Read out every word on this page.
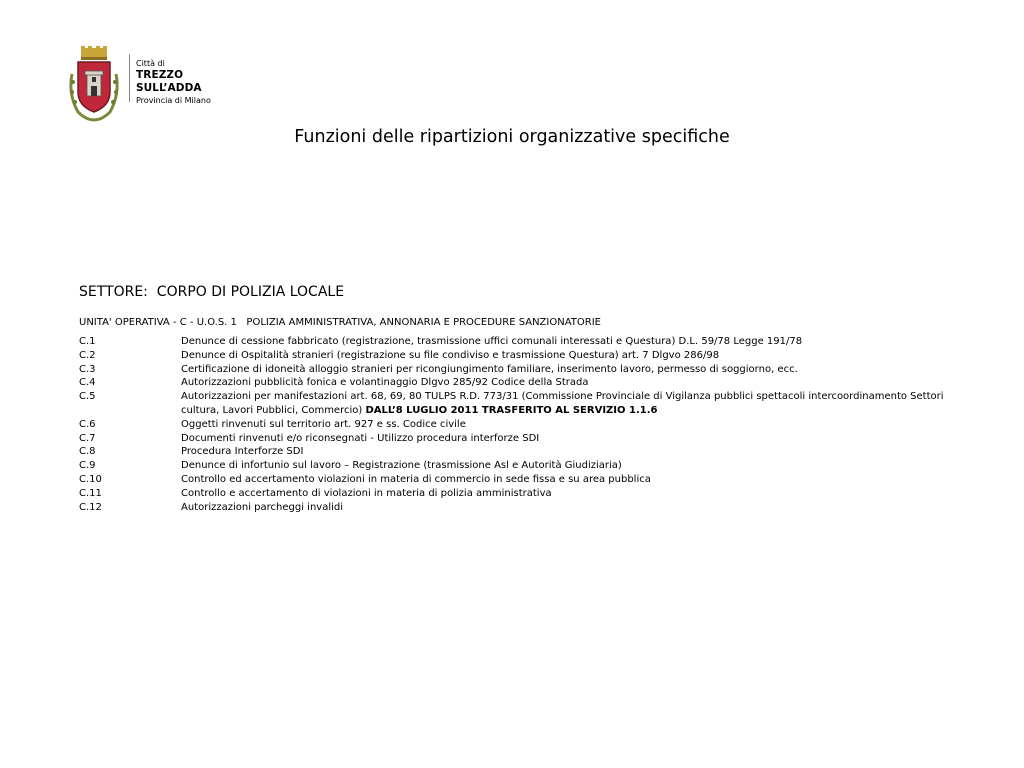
Città di
TREZZO SULL’ADDA
Provincia di Milano
Funzioni delle ripartizioni organizzative specifiche
SETTORE:  CORPO DI POLIZIA LOCALE
UNITA' OPERATIVA - C - U.O.S. 1   POLIZIA AMMINISTRATIVA, ANNONARIA E PROCEDURE SANZIONATORIE
C.1	Denunce di cessione fabbricato (registrazione, trasmissione uffici comunali interessati e Questura) D.L. 59/78 Legge 191/78
C.2	Denunce di Ospitalità stranieri (registrazione su file condiviso e trasmissione Questura) art. 7 Dlgvo 286/98
C.3	Certificazione di idoneità alloggio stranieri per ricongiungimento familiare, inserimento lavoro, permesso di soggiorno, ecc.
C.4	Autorizzazioni pubblicità fonica e volantinaggio Dlgvo 285/92 Codice della Strada
C.5	Autorizzazioni per manifestazioni art. 68, 69, 80 TULPS R.D. 773/31 (Commissione Provinciale di Vigilanza pubblici spettacoli intercoordinamento Settori cultura, Lavori Pubblici, Commercio) DALL’8 LUGLIO 2011 TRASFERITO AL SERVIZIO 1.1.6
C.6	Oggetti rinvenuti sul territorio art. 927 e ss. Codice civile
C.7	Documenti rinvenuti e/o riconsegnati - Utilizzo procedura interforze SDI
C.8	Procedura Interforze SDI
C.9	Denunce di infortunio sul lavoro – Registrazione (trasmissione Asl e Autorità Giudiziaria)
C.10	Controllo ed accertamento violazioni in materia di commercio in sede fissa e su area pubblica
C.11	Controllo e accertamento di violazioni in materia di polizia amministrativa
C.12	Autorizzazioni parcheggi invalidi
